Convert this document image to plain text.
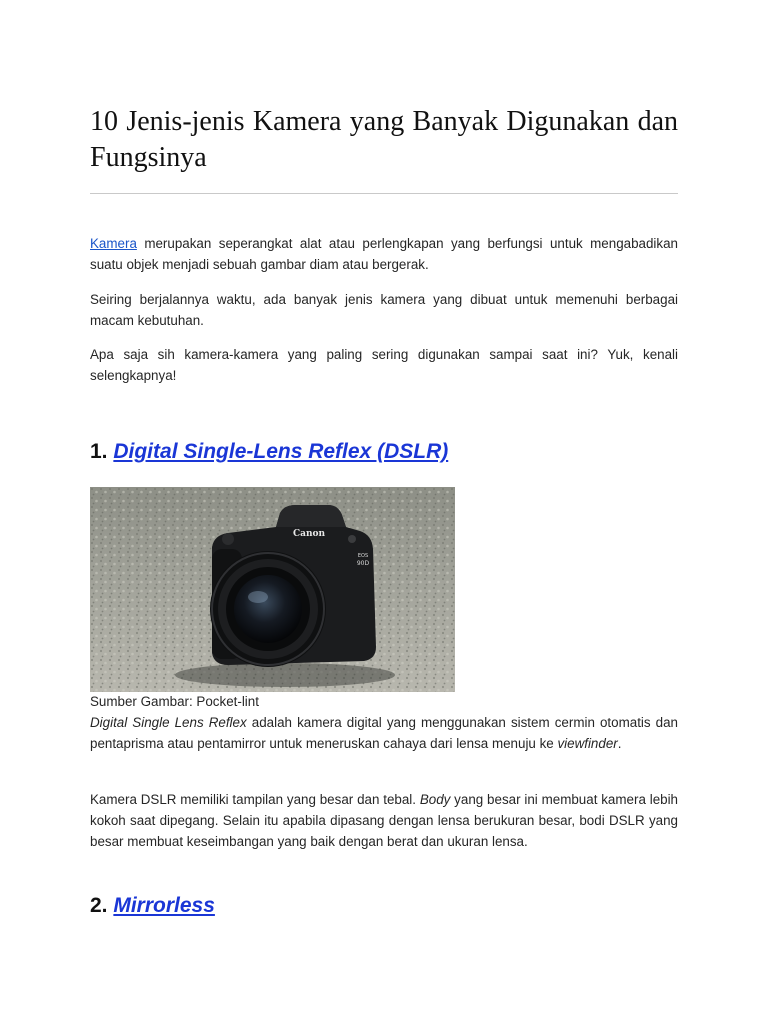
10 Jenis-jenis Kamera yang Banyak Digunakan dan Fungsinya

Kamera merupakan seperangkat alat atau perlengkapan yang berfungsi untuk mengabadikan suatu objek menjadi sebuah gambar diam atau bergerak.

Seiring berjalannya waktu, ada banyak jenis kamera yang dibuat untuk memenuhi berbagai macam kebutuhan.

Apa saja sih kamera-kamera yang paling sering digunakan sampai saat ini? Yuk, kenali selengkapnya!

1. Digital Single-Lens Reflex (DSLR)
Canon
EOS
90D
Sumber Gambar: Pocket-lint

Digital Single Lens Reflex adalah kamera digital yang menggunakan sistem cermin otomatis dan pentaprisma atau pentamirror untuk meneruskan cahaya dari lensa menuju ke viewfinder.

Kamera DSLR memiliki tampilan yang besar dan tebal. Body yang besar ini membuat kamera lebih kokoh saat dipegang. Selain itu apabila dipasang dengan lensa berukuran besar, bodi DSLR yang besar membuat keseimbangan yang baik dengan berat dan ukuran lensa.

2. Mirrorless
